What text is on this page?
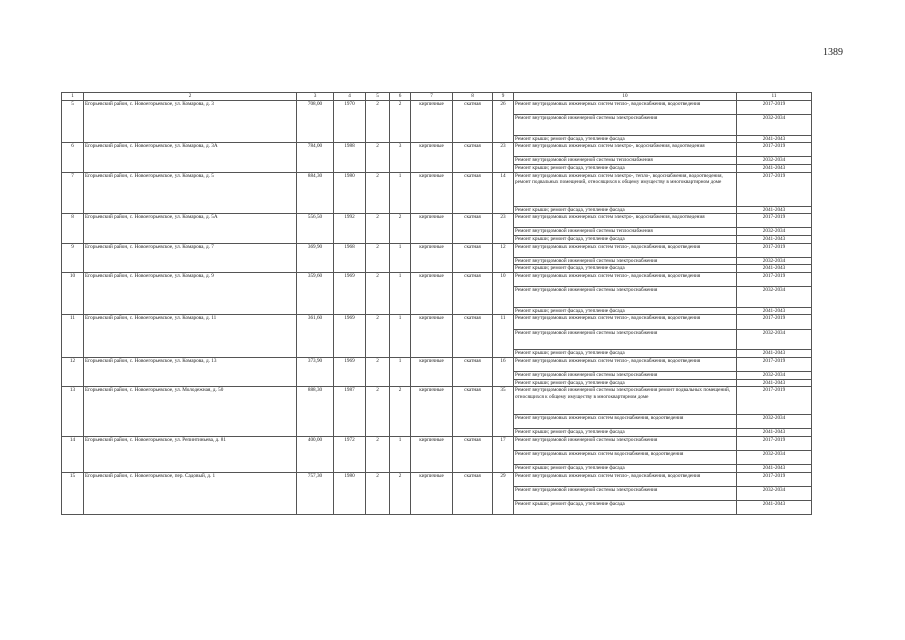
1389
1	2	3	4	5	6	7	8	9	10	11
5	Егорьевский район, с. Новоегорьевское, ул. Комарова, д. 3	708,00	1970	2	2	кирпичные	скатная	26	Ремонт внутридомовых инженерных систем тепло-, водоснабжения, водоотведения	2017-2019
									Ремонт внутридомовой инженерной системы электроснабжения	2032-2034
									Ремонт крыши; ремонт фасада, утепление фасада	2041-2043
6	Егорьевский район, с. Новоегорьевское, ул. Комарова, д. 3А	784,00	1988	2	3	кирпичные	скатная	23	Ремонт внутридомовых инженерных систем электро-, водоснабжения, водоотведения	2017-2019
									Ремонт внутридомовой инженерной системы теплоснабжения	2032-2034
									Ремонт крыши; ремонт фасада, утепление фасада	2041-2043
7	Егорьевский район, с. Новоегорьевское, ул. Комарова, д. 5	884,30	1980	2	1	кирпичные	скатная	14	Ремонт внутридомовых инженерных систем электро-, тепло-, водоснабжения, водоотведения, ремонт подвальных помещений, относящихся к общему имуществу в многоквартирном доме	2017-2019
									Ремонт крыши; ремонт фасада, утепление фасада	2041-2043
8	Егорьевский район, с. Новоегорьевское, ул. Комарова, д. 5А	556,50	1992	2	2	кирпичные	скатная	23	Ремонт внутридомовых инженерных систем электро-, водоснабжения, водоотведения	2017-2019
									Ремонт внутридомовой инженерной системы теплоснабжения	2032-2034
									Ремонт крыши; ремонт фасада, утепление фасада	2041-2043
9	Егорьевский район, с. Новоегорьевское, ул. Комарова, д. 7	369,90	1968	2	1	кирпичные	скатная	12	Ремонт внутридомовых инженерных систем тепло-, водоснабжения, водоотведения	2017-2019
									Ремонт внутридомовой инженерной системы электроснабжения	2032-2034
									Ремонт крыши; ремонт фасада, утепление фасада	2041-2043
10	Егорьевский район, с. Новоегорьевское, ул. Комарова, д. 9	359,60	1969	2	1	кирпичные	скатная	10	Ремонт внутридомовых инженерных систем тепло-, водоснабжения, водоотведения	2017-2019
									Ремонт внутридомовой инженерной системы электроснабжения	2032-2034
									Ремонт крыши; ремонт фасада, утепление фасада	2041-2043
11	Егорьевский район, с. Новоегорьевское, ул. Комарова, д. 11	361,60	1969	2	1	кирпичные	скатная	11	Ремонт внутридомовых инженерных систем тепло-, водоснабжения, водоотведения	2017-2019
									Ремонт внутридомовой инженерной системы электроснабжения	2032-2034
									Ремонт крыши; ремонт фасада, утепление фасада	2041-2043
12	Егорьевский район, с. Новоегорьевское, ул. Комарова, д. 13	373,90	1969	2	1	кирпичные	скатная	16	Ремонт внутридомовых инженерных систем тепло-, водоснабжения, водоотведения	2017-2019
									Ремонт внутридомовой инженерной системы электроснабжения	2032-2034
									Ремонт крыши; ремонт фасада, утепление фасада	2041-2043
13	Егорьевский район, с. Новоегорьевское, ул. Молодежная, д. 50	888,30	1987	2	2	кирпичные	скатная	35	Ремонт внутридомовой инженерной системы электроснабжения ремонт подвальных помещений, относящихся к общему имуществу в многоквартирном доме	2017-2019
									Ремонт внутридомовых инженерных систем водоснабжения, водоотведения	2032-2034
									Ремонт крыши; ремонт фасада, утепление фасада	2041-2043
14	Егорьевский район, с. Новоегорьевское, ул. Репинтиньева, д. 81	400,00	1972	2	1	кирпичные	скатная	17	Ремонт внутридомовой инженерной системы электроснабжения	2017-2019
									Ремонт внутридомовых инженерных систем водоснабжения, водоотведения	2032-2034
									Ремонт крыши; ремонт фасада, утепление фасада	2041-2043
15	Егорьевский район, с. Новоегорьевское, пер. Садовый, д. 1	757,30	1980	2	2	кирпичные	скатная	29	Ремонт внутридомовых инженерных систем тепло-, водоснабжения, водоотведения	2017-2019
									Ремонт внутридомовой инженерной системы электроснабжения	2032-2034
									Ремонт крыши; ремонт фасада, утепление фасада	2041-2043
